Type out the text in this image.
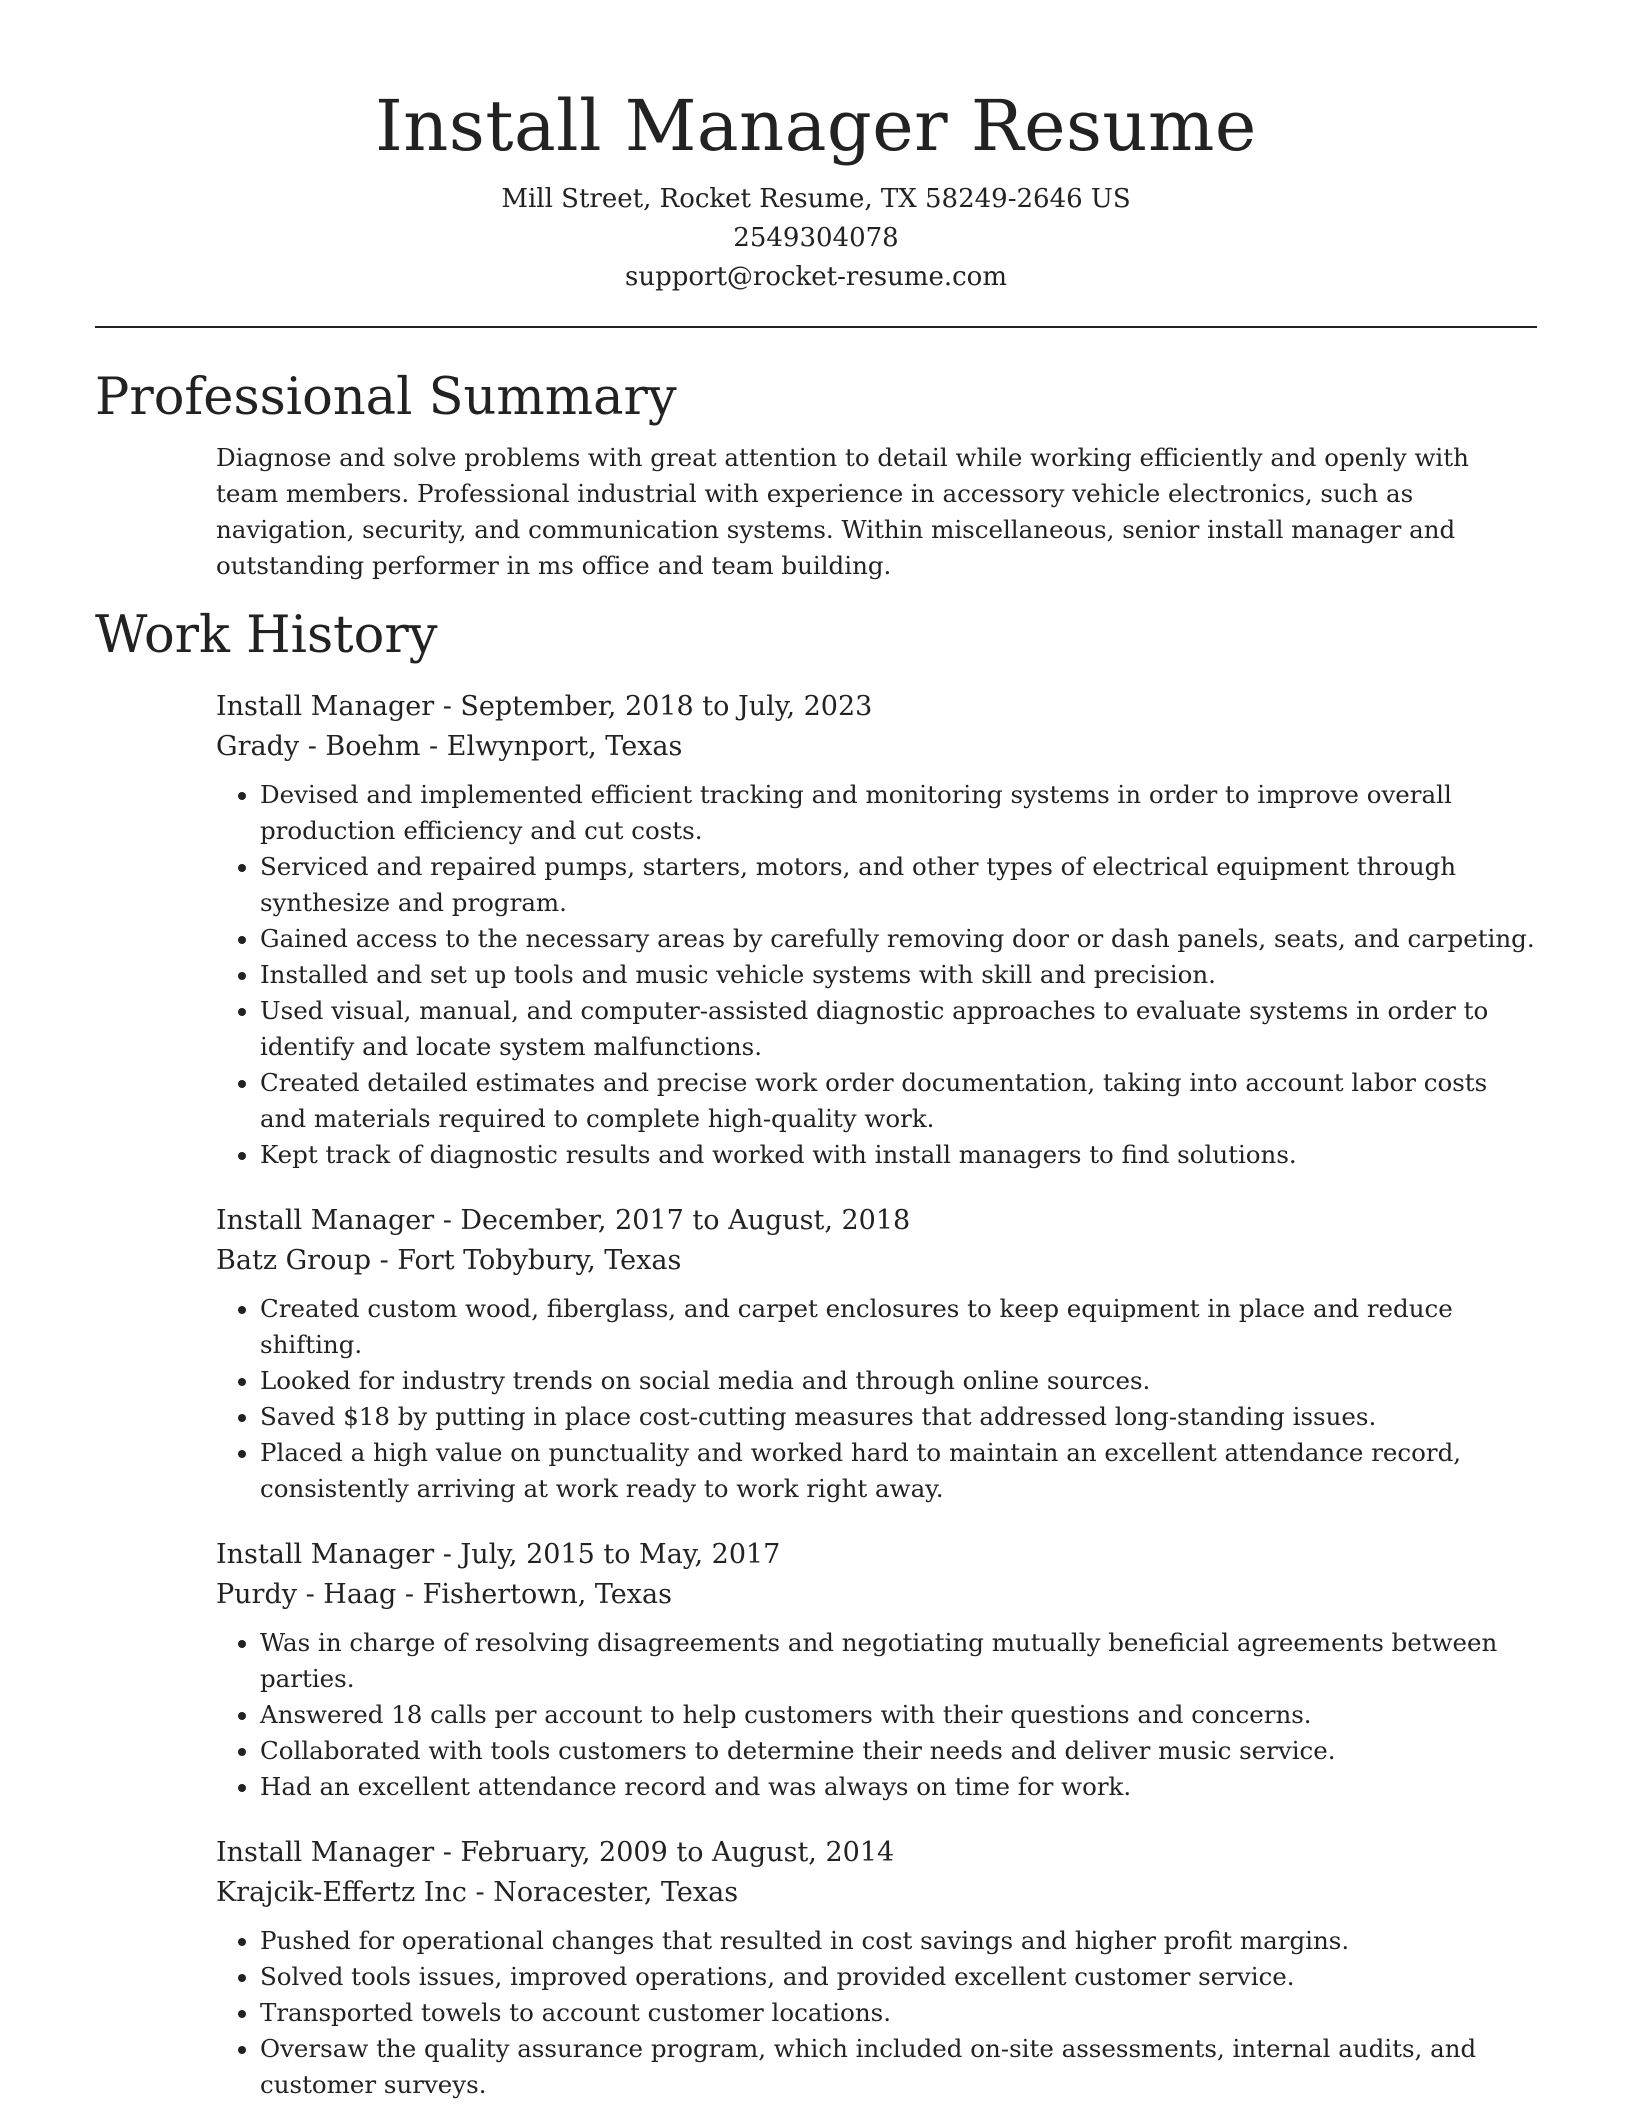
Install Manager Resume

Mill Street, Rocket Resume, TX 58249-2646 US

2549304078

support@rocket-resume.com

Professional Summary

Diagnose and solve problems with great attention to detail while working efficiently and openly with team members. Professional industrial with experience in accessory vehicle electronics, such as navigation, security, and communication systems. Within miscellaneous, senior install manager and outstanding performer in ms office and team building.

Work History

Install Manager - September, 2018 to July, 2023

Grady - Boehm - Elwynport, Texas

• Devised and implemented efficient tracking and monitoring systems in order to improve overall production efficiency and cut costs.
• Serviced and repaired pumps, starters, motors, and other types of electrical equipment through synthesize and program.
• Gained access to the necessary areas by carefully removing door or dash panels, seats, and carpeting.
• Installed and set up tools and music vehicle systems with skill and precision.
• Used visual, manual, and computer-assisted diagnostic approaches to evaluate systems in order to identify and locate system malfunctions.
• Created detailed estimates and precise work order documentation, taking into account labor costs and materials required to complete high-quality work.
• Kept track of diagnostic results and worked with install managers to find solutions.

Install Manager - December, 2017 to August, 2018

Batz Group - Fort Tobybury, Texas

• Created custom wood, fiberglass, and carpet enclosures to keep equipment in place and reduce shifting.
• Looked for industry trends on social media and through online sources.
• Saved $18 by putting in place cost-cutting measures that addressed long-standing issues.
• Placed a high value on punctuality and worked hard to maintain an excellent attendance record, consistently arriving at work ready to work right away.

Install Manager - July, 2015 to May, 2017

Purdy - Haag - Fishertown, Texas

• Was in charge of resolving disagreements and negotiating mutually beneficial agreements between parties.
• Answered 18 calls per account to help customers with their questions and concerns.
• Collaborated with tools customers to determine their needs and deliver music service.
• Had an excellent attendance record and was always on time for work.

Install Manager - February, 2009 to August, 2014

Krajcik-Effertz Inc - Noracester, Texas

• Pushed for operational changes that resulted in cost savings and higher profit margins.
• Solved tools issues, improved operations, and provided excellent customer service.
• Transported towels to account customer locations.
• Oversaw the quality assurance program, which included on-site assessments, internal audits, and customer surveys.
